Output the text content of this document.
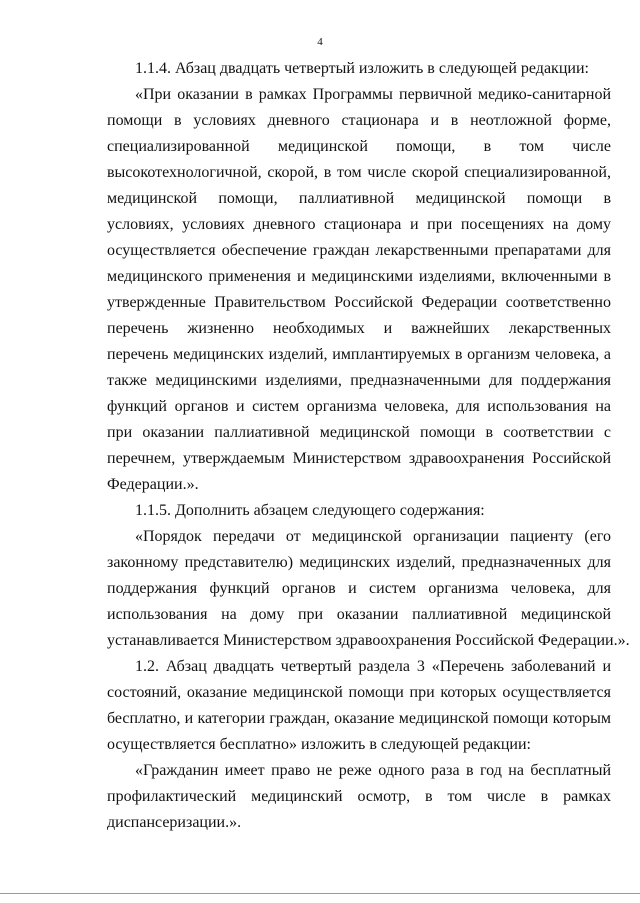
4
1.1.4. Абзац двадцать четвертый изложить в следующей редакции:
«При оказании в рамках Программы первичной медико-санитарной
помощи в условиях дневного стационара и в неотложной форме,
специализированной медицинской помощи, в том числе
высокотехнологичной, скорой, в том числе скорой специализированной,
медицинской помощи, паллиативной медицинской помощи в
условиях, условиях дневного стационара и при посещениях на дому
осуществляется обеспечение граждан лекарственными препаратами для
медицинского применения и медицинскими изделиями, включенными в
утвержденные Правительством Российской Федерации соответственно
перечень жизненно необходимых и важнейших лекарственных
перечень медицинских изделий, имплантируемых в организм человека, а
также медицинскими изделиями, предназначенными для поддержания
функций органов и систем организма человека, для использования на
при оказании паллиативной медицинской помощи в соответствии с
перечнем, утверждаемым Министерством здравоохранения Российской
Федерации.».
1.1.5. Дополнить абзацем следующего содержания:
«Порядок передачи от медицинской организации пациенту (его
законному представителю) медицинских изделий, предназначенных для
поддержания функций органов и систем организма человека, для
использования на дому при оказании паллиативной медицинской
устанавливается Министерством здравоохранения Российской Федерации.».
1.2. Абзац двадцать четвертый раздела 3 «Перечень заболеваний и
состояний, оказание медицинской помощи при которых осуществляется
бесплатно, и категории граждан, оказание медицинской помощи которым
осуществляется бесплатно» изложить в следующей редакции:
«Гражданин имеет право не реже одного раза в год на бесплатный
профилактический медицинский осмотр, в том числе в рамках
диспансеризации.».
